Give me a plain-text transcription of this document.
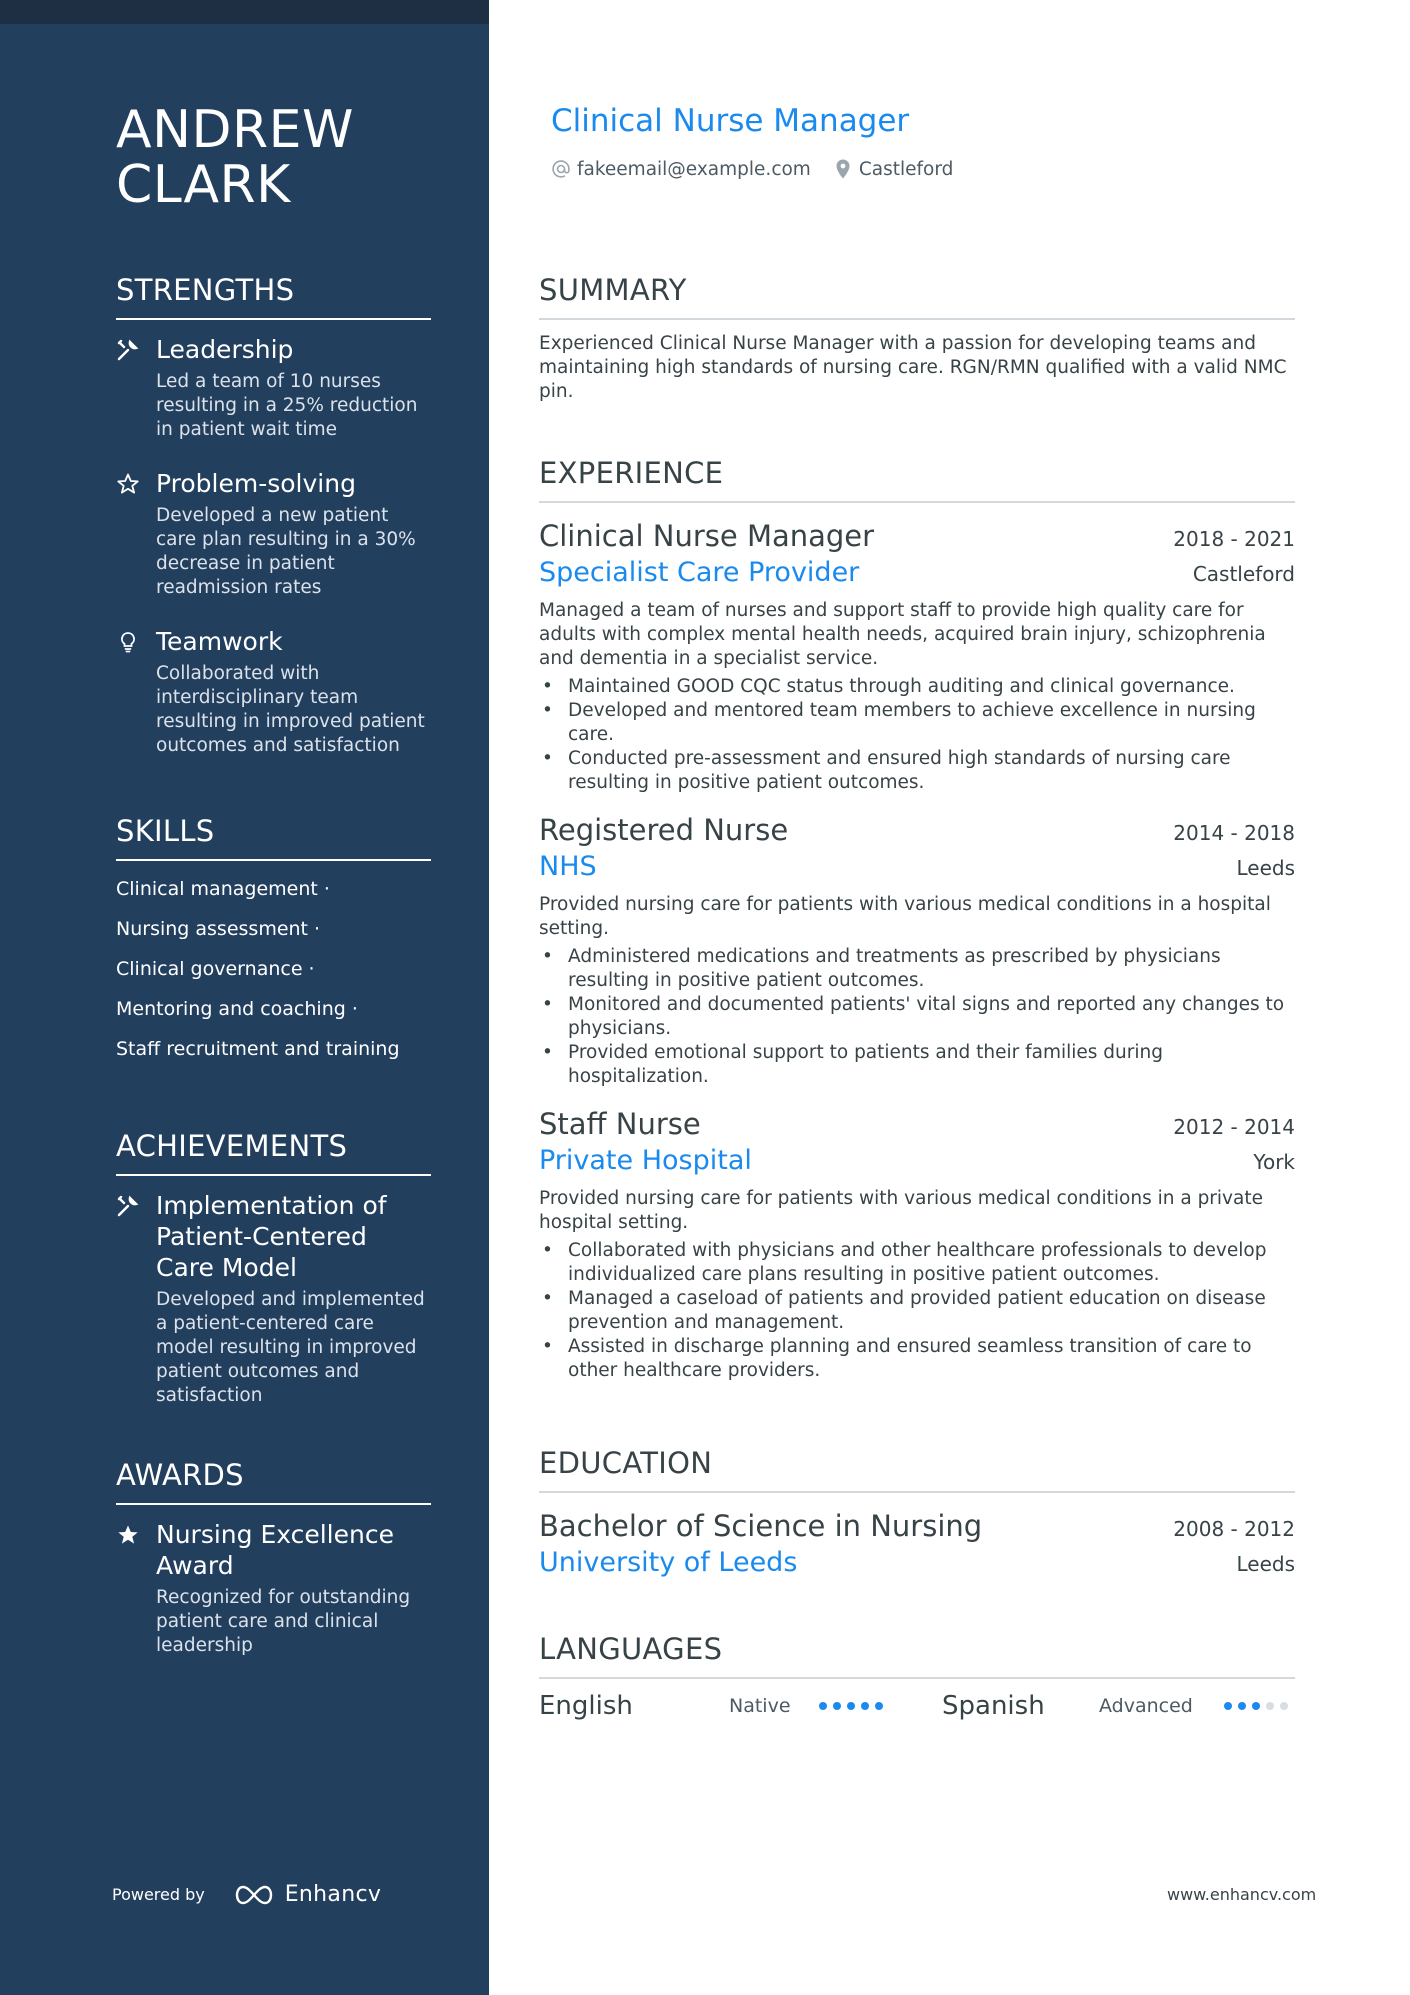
ANDREW
CLARK
STRENGTHS
Leadership
Led a team of 10 nurses resulting in a 25% reduction in patient wait time
Problem-solving
Developed a new patient care plan resulting in a 30% decrease in patient readmission rates
Teamwork
Collaborated with interdisciplinary team resulting in improved patient outcomes and satisfaction
SKILLS
Clinical management ·
Nursing assessment ·
Clinical governance ·
Mentoring and coaching ·
Staff recruitment and training
ACHIEVEMENTS
Implementation of Patient-Centered Care Model
Developed and implemented a patient-centered care model resulting in improved patient outcomes and satisfaction
AWARDS
Nursing Excellence Award
Recognized for outstanding patient care and clinical leadership
Powered by	Enhancv
Clinical Nurse Manager
fakeemail@example.com	Castleford
SUMMARY
Experienced Clinical Nurse Manager with a passion for developing teams and maintaining high standards of nursing care. RGN/RMN qualified with a valid NMC pin.
EXPERIENCE
Clinical Nurse Manager	2018 - 2021
Specialist Care Provider	Castleford
Managed a team of nurses and support staff to provide high quality care for adults with complex mental health needs, acquired brain injury, schizophrenia and dementia in a specialist service.
• Maintained GOOD CQC status through auditing and clinical governance.
• Developed and mentored team members to achieve excellence in nursing care.
• Conducted pre-assessment and ensured high standards of nursing care resulting in positive patient outcomes.
Registered Nurse	2014 - 2018
NHS	Leeds
Provided nursing care for patients with various medical conditions in a hospital setting.
• Administered medications and treatments as prescribed by physicians resulting in positive patient outcomes.
• Monitored and documented patients' vital signs and reported any changes to physicians.
• Provided emotional support to patients and their families during hospitalization.
Staff Nurse	2012 - 2014
Private Hospital	York
Provided nursing care for patients with various medical conditions in a private hospital setting.
• Collaborated with physicians and other healthcare professionals to develop individualized care plans resulting in positive patient outcomes.
• Managed a caseload of patients and provided patient education on disease prevention and management.
• Assisted in discharge planning and ensured seamless transition of care to other healthcare providers.
EDUCATION
Bachelor of Science in Nursing	2008 - 2012
University of Leeds	Leeds
LANGUAGES
English	Native	Spanish	Advanced
www.enhancv.com
